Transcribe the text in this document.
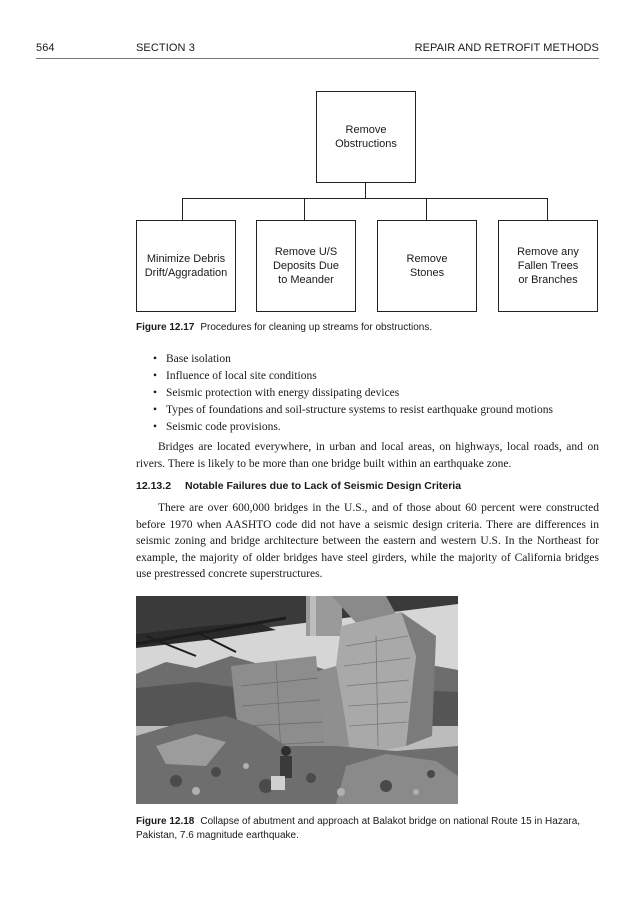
564	SECTION 3	REPAIR AND RETROFIT METHODS
Remove
Obstructions
Minimize Debris
Drift/Aggradation
Remove U/S
Deposits Due
to Meander
Remove
Stones
Remove any
Fallen Trees
or Branches
Figure 12.17 Procedures for cleaning up streams for obstructions.
• Base isolation
• Influence of local site conditions
• Seismic protection with energy dissipating devices
• Types of foundations and soil-structure systems to resist earthquake ground motions
• Seismic code provisions.

Bridges are located everywhere, in urban and local areas, on highways, local roads, and on rivers. There is likely to be more than one bridge built within an earthquake zone.

12.13.2 Notable Failures due to Lack of Seismic Design Criteria

There are over 600,000 bridges in the U.S., and of those about 60 percent were constructed before 1970 when AASHTO code did not have a seismic design criteria. There are differences in seismic zoning and bridge architecture between the eastern and western U.S. In the Northeast for example, the majority of older bridges have steel girders, while the majority of California bridges use prestressed concrete superstructures.

Figure 12.18 Collapse of abutment and approach at Balakot bridge on national Route 15 in Hazara, Pakistan, 7.6 magnitude earthquake.
